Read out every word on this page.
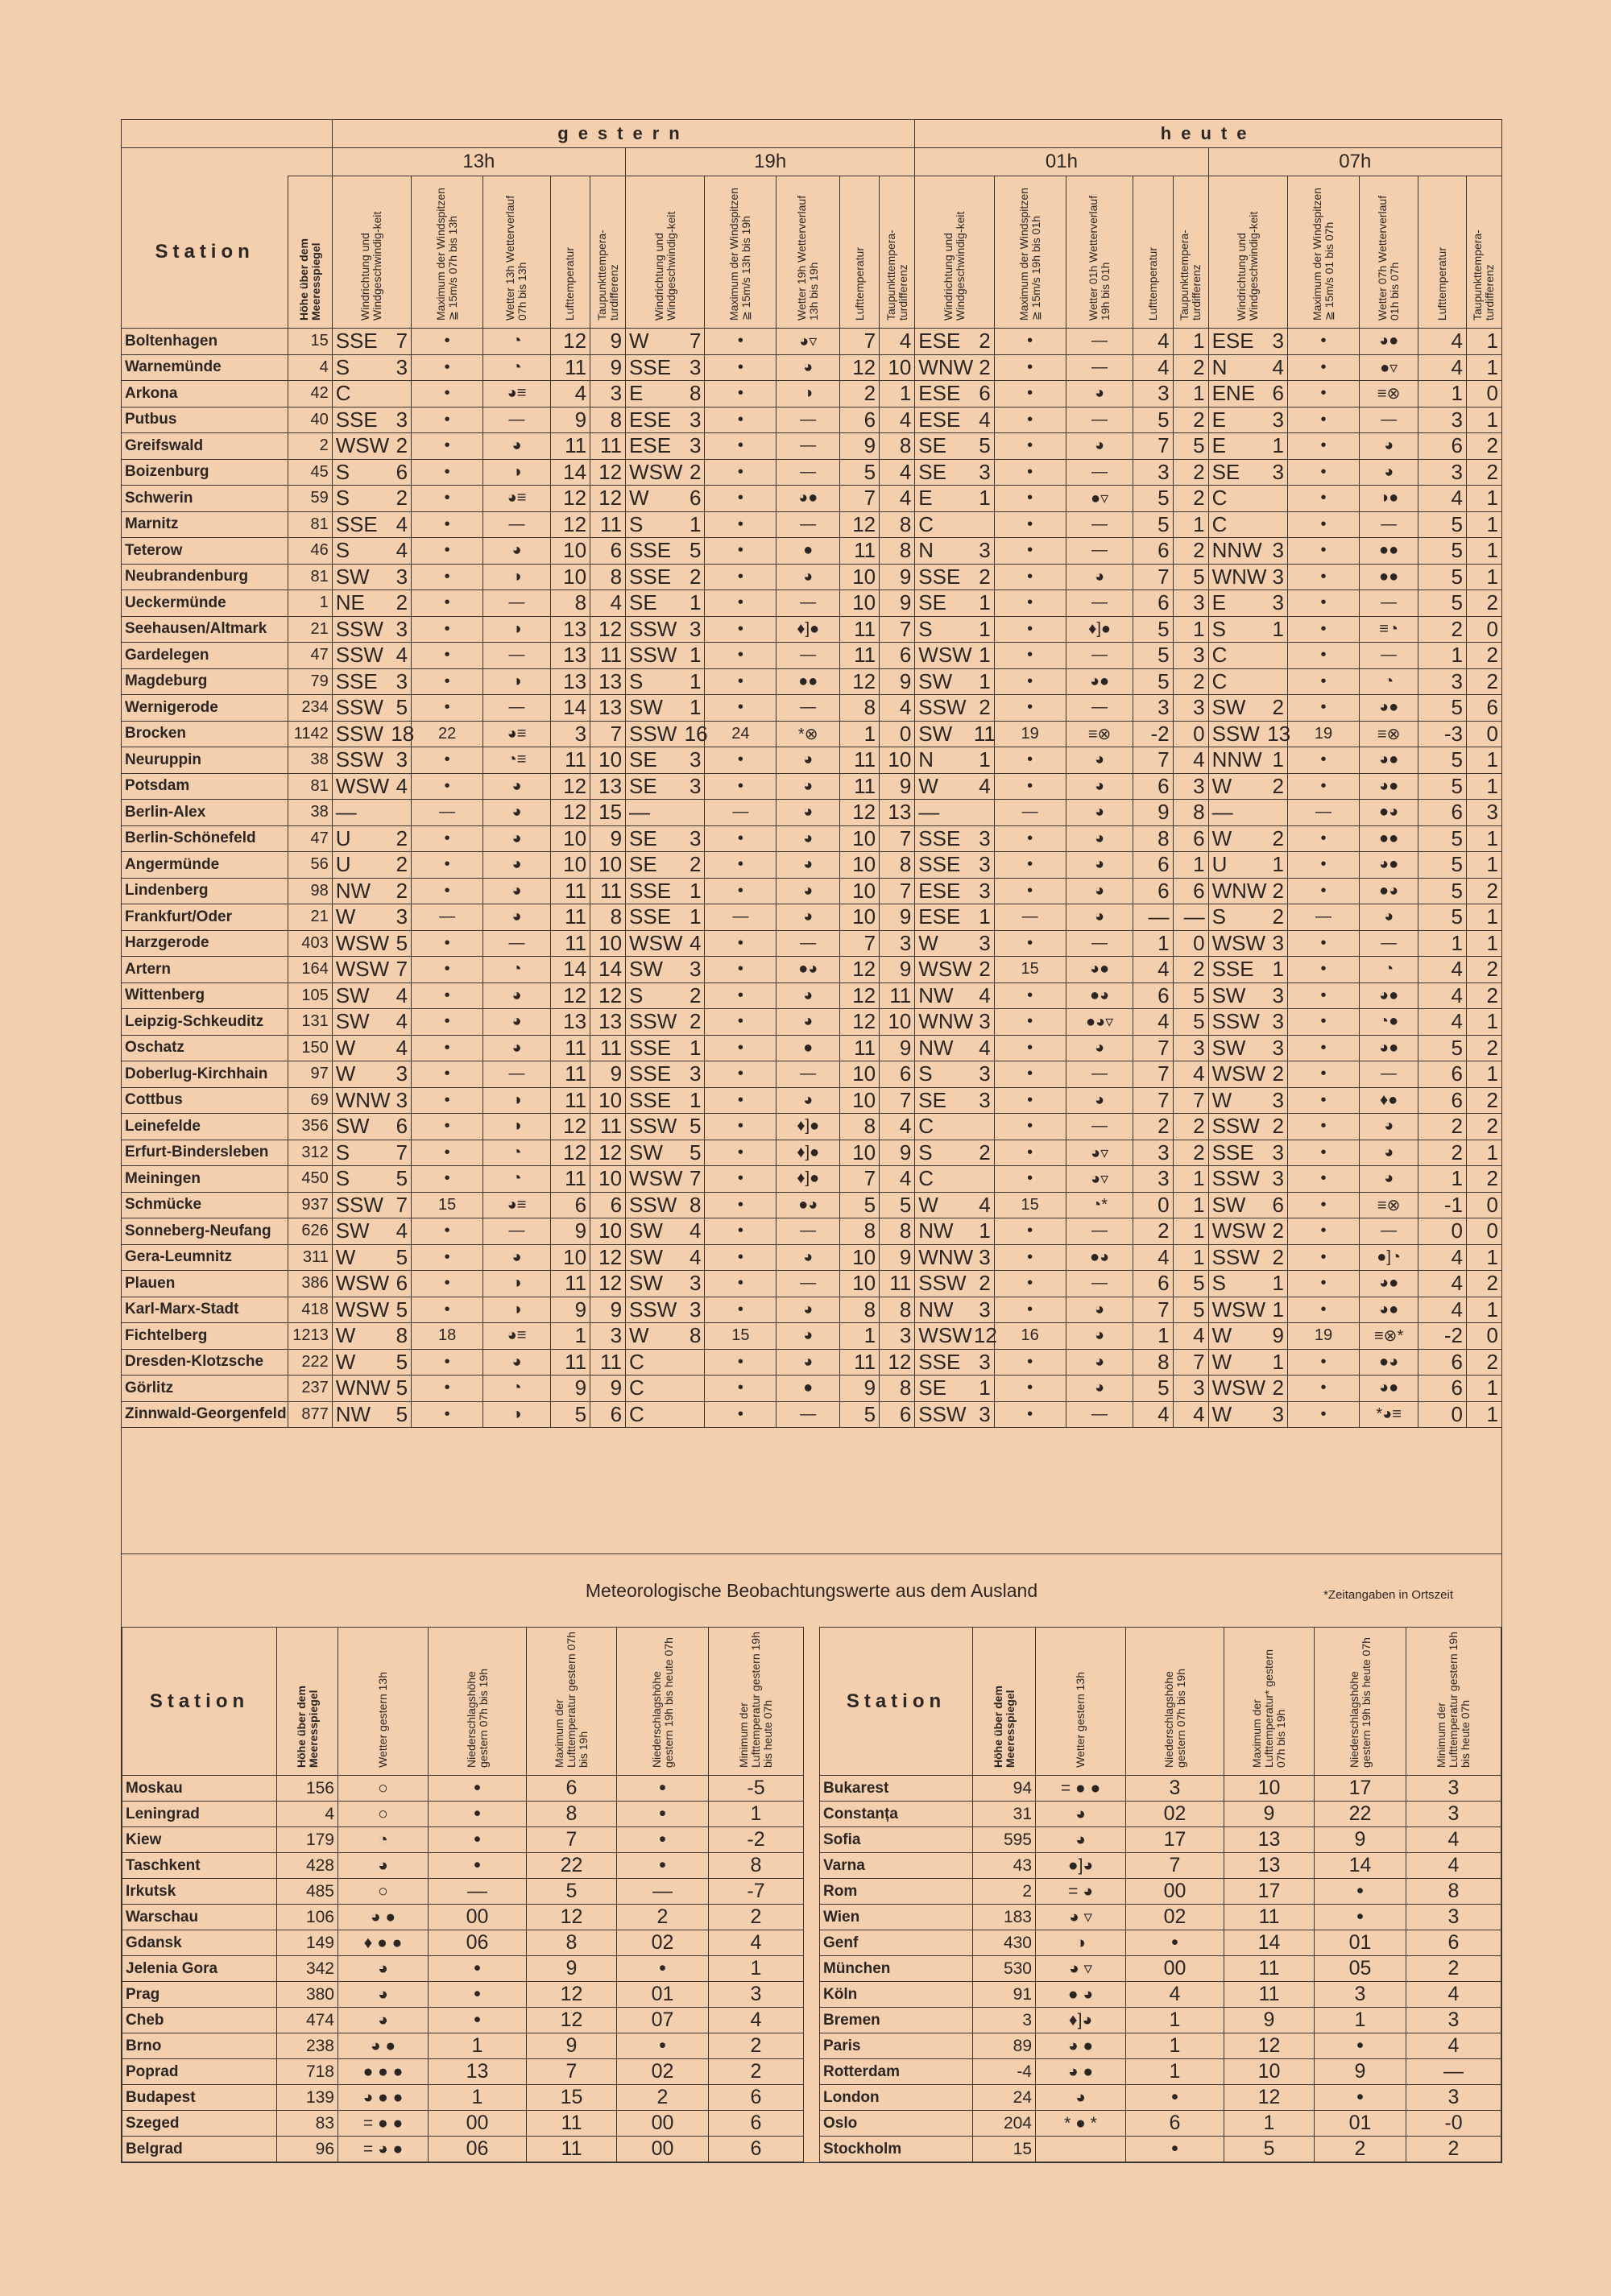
		gestern												heute											
		13h						19h						01h						07h					
Station	Höhe über dem Meeresspiegel	Windrichtung und Windgeschwindig-keit		Maximum der Windspitzen ≧ 15m/s 07h bis 13h	Wetter 13h Wetterverlauf 07h bis 13h	Lufttemperatur	Taupunkttempera-turdifferenz	Windrichtung und Windgeschwindig-keit		Maximum der Windspitzen ≧ 15m/s 13h bis 19h	Wetter 19h Wetterverlauf 13h bis 19h	Lufttemperatur	Taupunkttempera-turdifferenz	Windrichtung und Windgeschwindig-keit		Maximum der Windspitzen ≧ 15m/s 19h bis 01h	Wetter 01h Wetterverlauf 19h bis 01h	Lufttemperatur	Taupunkttempera-turdifferenz	Windrichtung und Windgeschwindig-keit		Maximum der Windspitzen ≧ 15m/s 01 bis 07h	Wetter 07h Wetterverlauf 01h bis 07h	Lufttemperatur	Taupunkttempera-turdifferenz
Boltenhagen	15	SSE	7	•	◔	12	9	W	7	•	◕▿	7	4	ESE	2	•	—	4	1	ESE	3	•	◕●	4	1
Warnemünde	4	S	3	•	◔	11	9	SSE	3	•	◕	12	10	WNW	2	•	—	4	2	N	4	•	●▿	4	1
Arkona	42	C		•	◕≡	4	3	E	8	•	◑	2	1	ESE	6	•	◕	3	1	ENE	6	•	≡⊗	1	0
Putbus	40	SSE	3	•	—	9	8	ESE	3	•	—	6	4	ESE	4	•	—	5	2	E	3	•	—	3	1
Greifswald	2	WSW	2	•	◕	11	11	ESE	3	•	—	9	8	SE	5	•	◕	7	5	E	1	•	◕	6	2
Boizenburg	45	S	6	•	◑	14	12	WSW	2	•	—	5	4	SE	3	•	—	3	2	SE	3	•	◕	3	2
Schwerin	59	S	2	•	◕≡	12	12	W	6	•	◕●	7	4	E	1	•	●▿	5	2	C		•	◑●	4	1
Marnitz	81	SSE	4	•	—	12	11	S	1	•	—	12	8	C		•	—	5	1	C		•	—	5	1
Teterow	46	S	4	•	◕	10	6	SSE	5	•	●	11	8	N	3	•	—	6	2	NNW	3	•	●●	5	1
Neubrandenburg	81	SW	3	•	◑	10	8	SSE	2	•	◕	10	9	SSE	2	•	◕	7	5	WNW	3	•	●●	5	1
Ueckermünde	1	NE	2	•	—	8	4	SE	1	•	—	10	9	SE	1	•	—	6	3	E	3	•	—	5	2
Seehausen/Altmark	21	SSW	3	•	◑	13	12	SSW	3	•	♦]●	11	7	S	1	•	♦]●	5	1	S	1	•	≡◔	2	0
Gardelegen	47	SSW	4	•	—	13	11	SSW	1	•	—	11	6	WSW	1	•	—	5	3	C		•	—	1	2
Magdeburg	79	SSE	3	•	◑	13	13	S	1	•	●●	12	9	SW	1	•	◕●	5	2	C		•	◔	3	2
Wernigerode	234	SSW	5	•	—	14	13	SW	1	•	—	8	4	SSW	2	•	—	3	3	SW	2	•	◕●	5	6
Brocken	1142	SSW	18	22	◕≡	3	7	SSW	16	24	*⊗	1	0	SW	11	19	≡⊗	-2	0	SSW	13	19	≡⊗	-3	0
Neuruppin	38	SSW	3	•	◔≡	11	10	SE	3	•	◕	11	10	N	1	•	◕	7	4	NNW	1	•	◕●	5	1
Potsdam	81	WSW	4	•	◕	12	13	SE	3	•	◕	11	9	W	4	•	◕	6	3	W	2	•	◕●	5	1
Berlin-Alex	38	—		—	◕	12	15	—		—	◕	12	13	—		—	◕	9	8	—		—	●◕	6	3
Berlin-Schönefeld	47	U	2	•	◕	10	9	SE	3	•	◕	10	7	SSE	3	•	◕	8	6	W	2	•	●●	5	1
Angermünde	56	U	2	•	◕	10	10	SE	2	•	◕	10	8	SSE	3	•	◕	6	1	U	1	•	◕●	5	1
Lindenberg	98	NW	2	•	◕	11	11	SSE	1	•	◕	10	7	ESE	3	•	◕	6	6	WNW	2	•	●◕	5	2
Frankfurt/Oder	21	W	3	—	◕	11	8	SSE	1	—	◕	10	9	ESE	1	—	◕	—	—	S	2	—	◕	5	1
Harzgerode	403	WSW	5	•	—	11	10	WSW	4	•	—	7	3	W	3	•	—	1	0	WSW	3	•	—	1	1
Artern	164	WSW	7	•	◔	14	14	SW	3	•	●◕	12	9	WSW	2	15	◕●	4	2	SSE	1	•	◔	4	2
Wittenberg	105	SW	4	•	◕	12	12	S	2	•	◕	12	11	NW	4	•	●◕	6	5	SW	3	•	◕●	4	2
Leipzig-Schkeuditz	131	SW	4	•	◕	13	13	SSW	2	•	◕	12	10	WNW	3	•	●◕▿	4	5	SSW	3	•	◔●	4	1
Oschatz	150	W	4	•	◕	11	11	SSE	1	•	●	11	9	NW	4	•	◕	7	3	SW	3	•	◕●	5	2
Doberlug-Kirchhain	97	W	3	•	—	11	9	SSE	3	•	—	10	6	S	3	•	—	7	4	WSW	2	•	—	6	1
Cottbus	69	WNW	3	•	◑	11	10	SSE	1	•	◕	10	7	SE	3	•	◕	7	7	W	3	•	♦●	6	2
Leinefelde	356	SW	6	•	◑	12	11	SSW	5	•	♦]●	8	4	C		•	—	2	2	SSW	2	•	◕	2	2
Erfurt-Bindersleben	312	S	7	•	◔	12	12	SW	5	•	♦]●	10	9	S	2	•	◕▿	3	2	SSE	3	•	◕	2	1
Meiningen	450	S	5	•	◔	11	10	WSW	7	•	♦]●	7	4	C		•	◕▿	3	1	SSW	3	•	◕	1	2
Schmücke	937	SSW	7	15	◕≡	6	6	SSW	8	•	●◕	5	5	W	4	15	◔*	0	1	SW	6	•	≡⊗	-1	0
Sonneberg-Neufang	626	SW	4	•	—	9	10	SW	4	•	—	8	8	NW	1	•	—	2	1	WSW	2	•	—	0	0
Gera-Leumnitz	311	W	5	•	◕	10	12	SW	4	•	◕	10	9	WNW	3	•	●◕	4	1	SSW	2	•	●]◔	4	1
Plauen	386	WSW	6	•	◑	11	12	SW	3	•	—	10	11	SSW	2	•	—	6	5	S	1	•	◕●	4	2
Karl-Marx-Stadt	418	WSW	5	•	◑	9	9	SSW	3	•	◕	8	8	NW	3	•	◕	7	5	WSW	1	•	◕●	4	1
Fichtelberg	1213	W	8	18	◕≡	1	3	W	8	15	◕	1	3	WSW	12	16	◕	1	4	W	9	19	≡⊗*	-2	0
Dresden-Klotzsche	222	W	5	•	◕	11	11	C		•	◕	11	12	SSE	3	•	◕	8	7	W	1	•	●◕	6	2
Görlitz	237	WNW	5	•	◔	9	9	C		•	●	9	8	SE	1	•	◕	5	3	WSW	2	•	◕●	6	1
Zinnwald-Georgenfeld	877	NW	5	•	◑	5	6	C		•	—	5	6	SSW	3	•	—	4	4	W	3	•	*◕≡	0	1
Meteorologische Beobachtungswerte aus dem Ausland	*Zeitangaben in Ortszeit
Station	Höhe über dem Meeresspiegel	Wetter gestern 13h	Niederschlagshöhe gestern 07h bis 19h	Maximum der Lufttemperatur gestern 07h bis 19h	Niederschlagshöhe gestern 19h bis heute 07h	Minimum der Lufttemperatur gestern 19h bis heute 07h
Moskau	156	○	•	6	•	-5
Leningrad	4	○	•	8	•	1
Kiew	179	◔	•	7	•	-2
Taschkent	428	◕	•	22	•	8
Irkutsk	485	○	—	5	—	-7
Warschau	106	◕ ●	00	12	2	2
Gdansk	149	♦ ● ●	06	8	02	4
Jelenia Gora	342	◕	•	9	•	1
Prag	380	◕	•	12	01	3
Cheb	474	◕	•	12	07	4
Brno	238	◕ ●	1	9	•	2
Poprad	718	● ● ●	13	7	02	2
Budapest	139	◕ ● ●	1	15	2	6
Szeged	83	= ● ●	00	11	00	6
Belgrad	96	= ◕ ●	06	11	00	6
Station	Höhe über dem Meeresspiegel	Wetter gestern 13h	Niederschlagshöhe gestern 07h bis 19h	Maximum der Lufttemperatur* gestern 07h bis 19h	Niederschlagshöhe gestern 19h bis heute 07h	Minimum der Lufttemperatur gestern 19h bis heute 07h
Bukarest	94	= ● ●	3	10	17	3
Constanța	31	◕	02	9	22	3
Sofia	595	◕	17	13	9	4
Varna	43	●]◕	7	13	14	4
Rom	2	= ◕	00	17	•	8
Wien	183	◕ ▿	02	11	•	3
Genf	430	◑	•	14	01	6
München	530	◕ ▿	00	11	05	2
Köln	91	● ◕	4	11	3	4
Bremen	3	♦]◕	1	9	1	3
Paris	89	◕ ●	1	12	•	4
Rotterdam	-4	◕ ●	1	10	9	—
London	24	◕	•	12	•	3
Oslo	204	* ● *	6	1	01	-0
Stockholm	15		•	5	2	2
